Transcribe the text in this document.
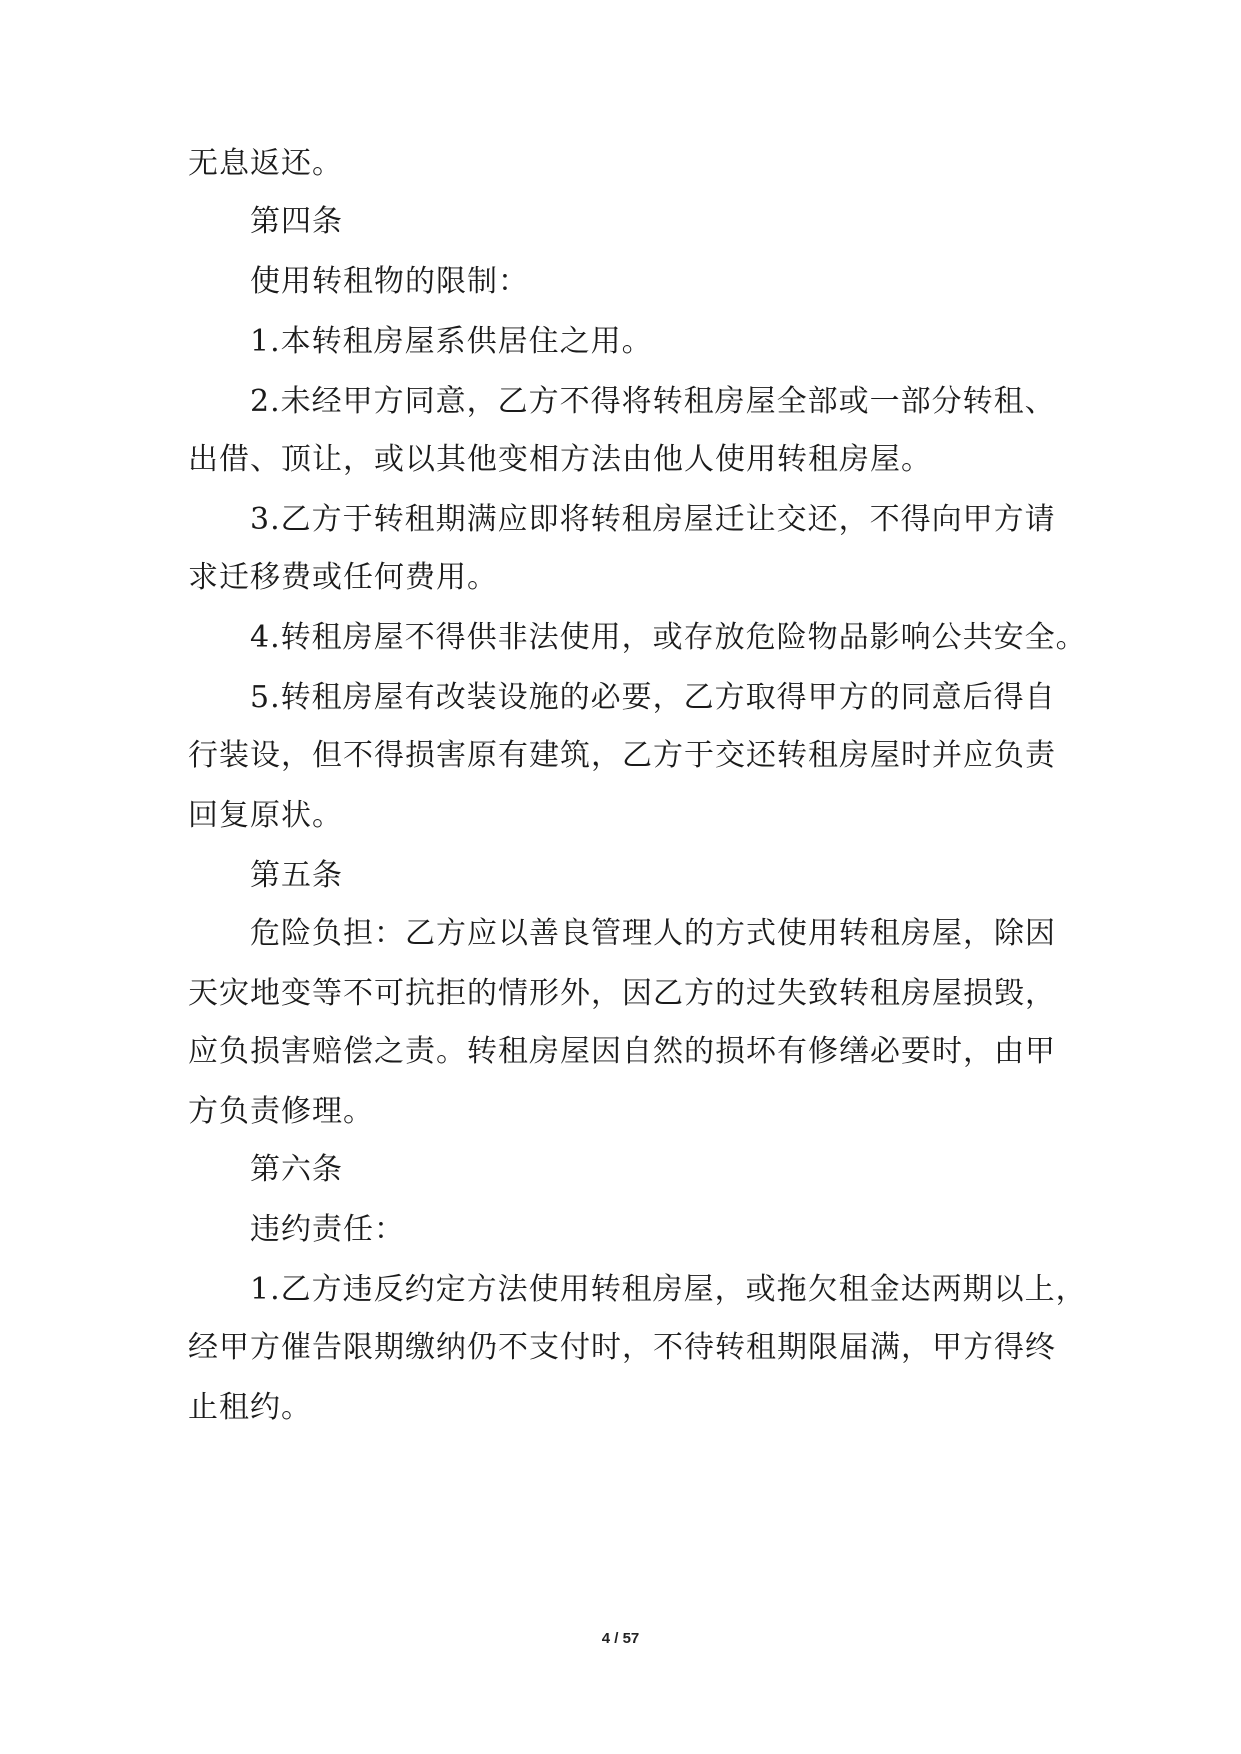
无息返还。
第四条
使用转租物的限制：
1.本转租房屋系供居住之用。
2.未经甲方同意，乙方不得将转租房屋全部或一部分转租、
出借、顶让，或以其他变相方法由他人使用转租房屋。
3.乙方于转租期满应即将转租房屋迁让交还，不得向甲方请
求迁移费或任何费用。
4.转租房屋不得供非法使用，或存放危险物品影响公共安全。
5.转租房屋有改装设施的必要，乙方取得甲方的同意后得自
行装设，但不得损害原有建筑，乙方于交还转租房屋时并应负责
回复原状。
第五条
危险负担：乙方应以善良管理人的方式使用转租房屋，除因
天灾地变等不可抗拒的情形外，因乙方的过失致转租房屋损毁，
应负损害赔偿之责。转租房屋因自然的损坏有修缮必要时，由甲
方负责修理。
第六条
违约责任：
1.乙方违反约定方法使用转租房屋，或拖欠租金达两期以上，
经甲方催告限期缴纳仍不支付时，不待转租期限届满，甲方得终
止租约。
4 / 57
